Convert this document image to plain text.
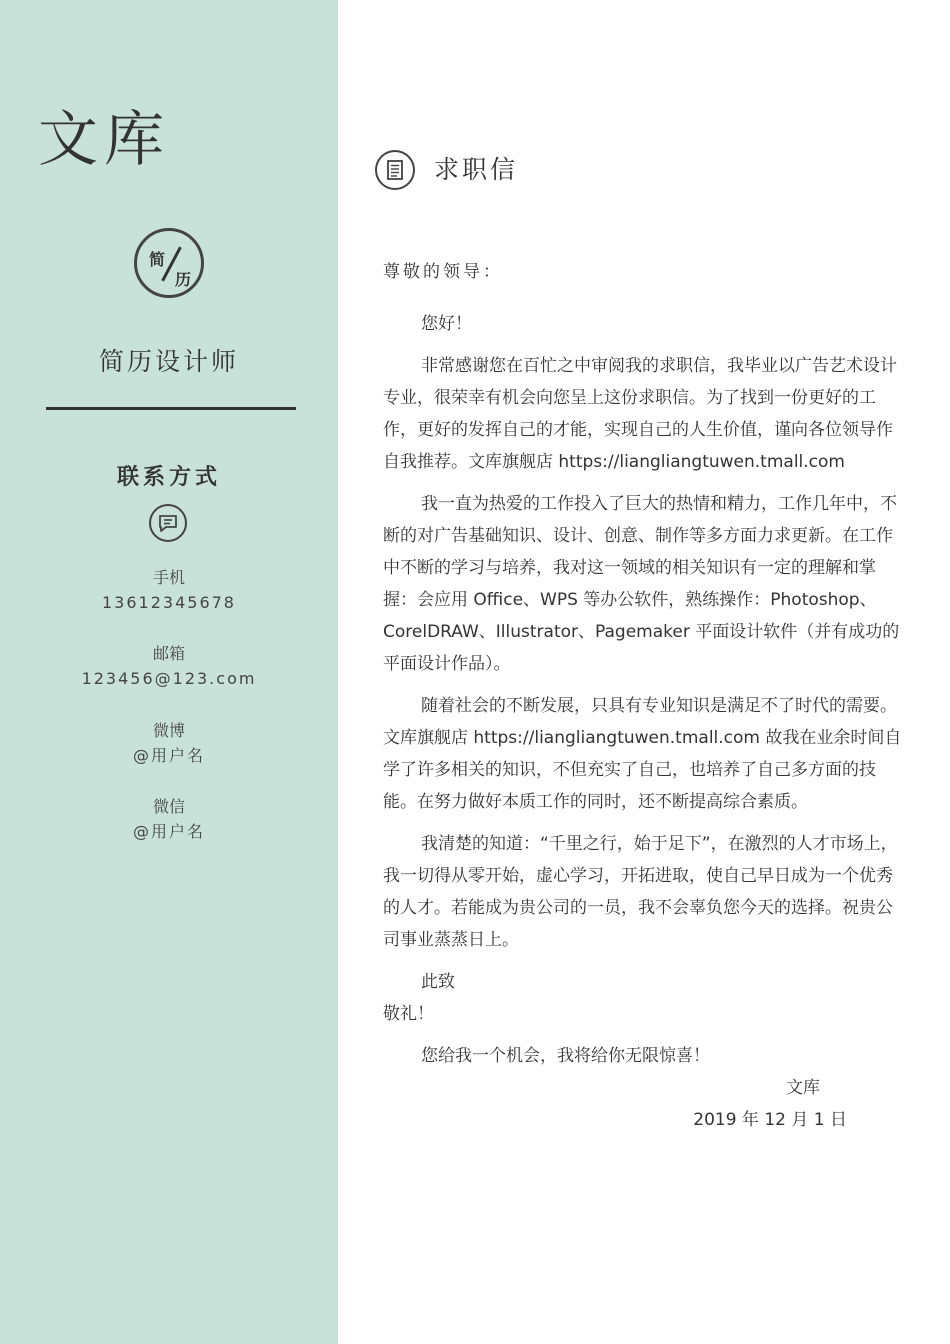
文库
简
历
简历设计师
联系方式
手机
13612345678
邮箱
123456@123.com
微博
@用户名
微信
@用户名
求职信

尊敬的领导：

您好！

非常感谢您在百忙之中审阅我的求职信，我毕业以广告艺术设计专业，很荣幸有机会向您呈上这份求职信。为了找到一份更好的工作，更好的发挥自己的才能，实现自己的人生价值，谨向各位领导作自我推荐。文库旗舰店 https://liangliangtuwen.tmall.com

我一直为热爱的工作投入了巨大的热情和精力，工作几年中，不断的对广告基础知识、设计、创意、制作等多方面力求更新。在工作中不断的学习与培养，我对这一领域的相关知识有一定的理解和掌握：会应用 Office、WPS 等办公软件，熟练操作：Photoshop、CorelDRAW、Illustrator、Pagemaker 平面设计软件（并有成功的平面设计作品）。

随着社会的不断发展，只具有专业知识是满足不了时代的需要。文库旗舰店 https://liangliangtuwen.tmall.com 故我在业余时间自学了许多相关的知识，不但充实了自己，也培养了自己多方面的技能。在努力做好本质工作的同时，还不断提高综合素质。

我清楚的知道：“千里之行，始于足下”，在激烈的人才市场上，我一切得从零开始，虚心学习，开拓进取，使自己早日成为一个优秀的人才。若能成为贵公司的一员，我不会辜负您今天的选择。祝贵公司事业蒸蒸日上。

此致

敬礼！

您给我一个机会，我将给你无限惊喜！

文库

2019 年 12 月 1 日
